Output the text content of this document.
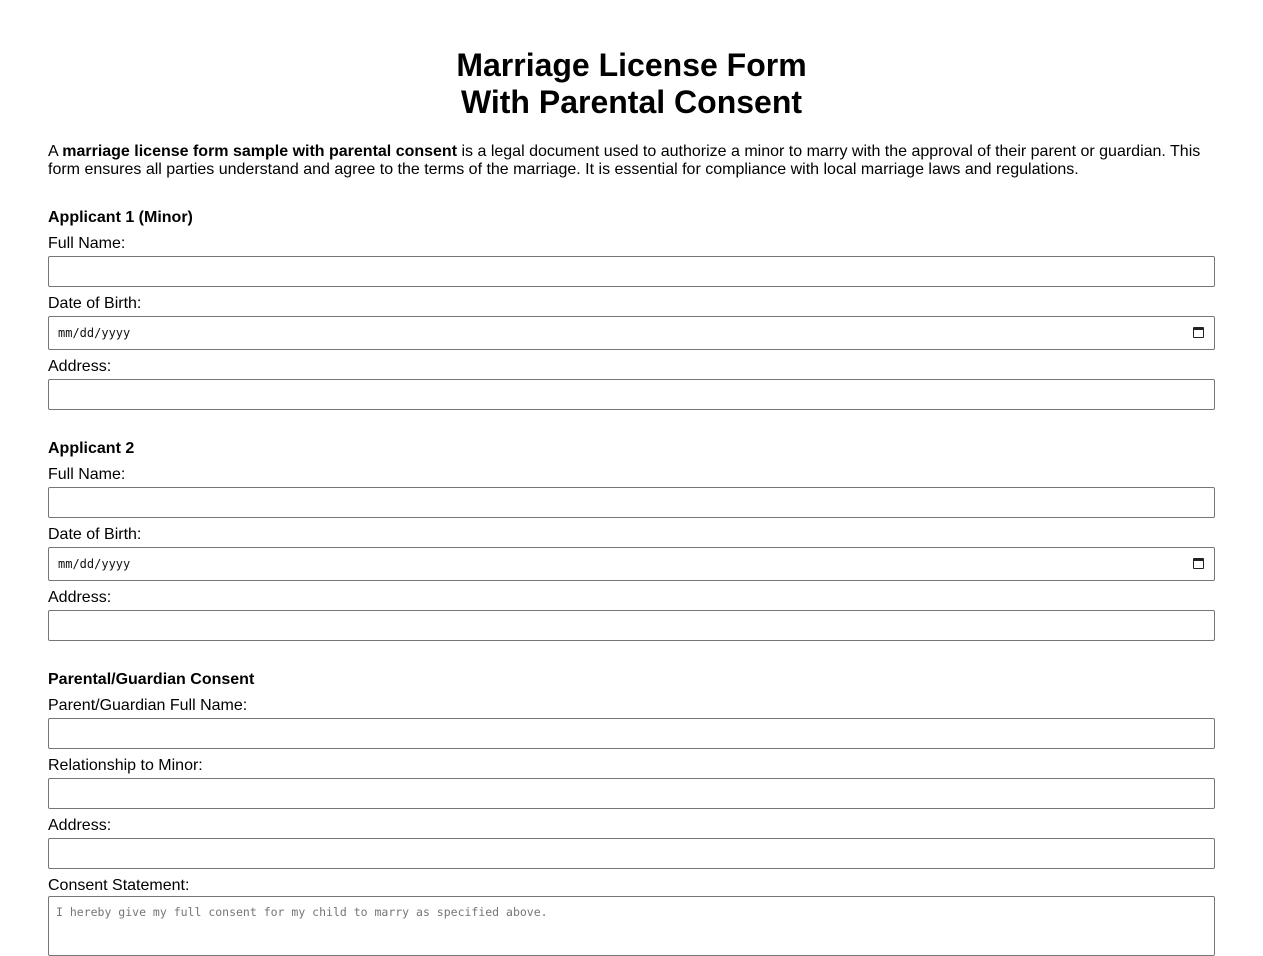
Marriage License Form
With Parental Consent

A marriage license form sample with parental consent is a legal document used to authorize a minor to marry with the approval of their parent or guardian. This form ensures all parties understand and agree to the terms of the marriage. It is essential for compliance with local marriage laws and regulations.

Applicant 1 (Minor)
Full Name:
Date of Birth:
mm/dd/yyyy
Address:
Applicant 2
Full Name:
Date of Birth:
mm/dd/yyyy
Address:
Parental/Guardian Consent
Parent/Guardian Full Name:
Relationship to Minor:
Address:
Consent Statement:
I hereby give my full consent for my child to marry as specified above.
